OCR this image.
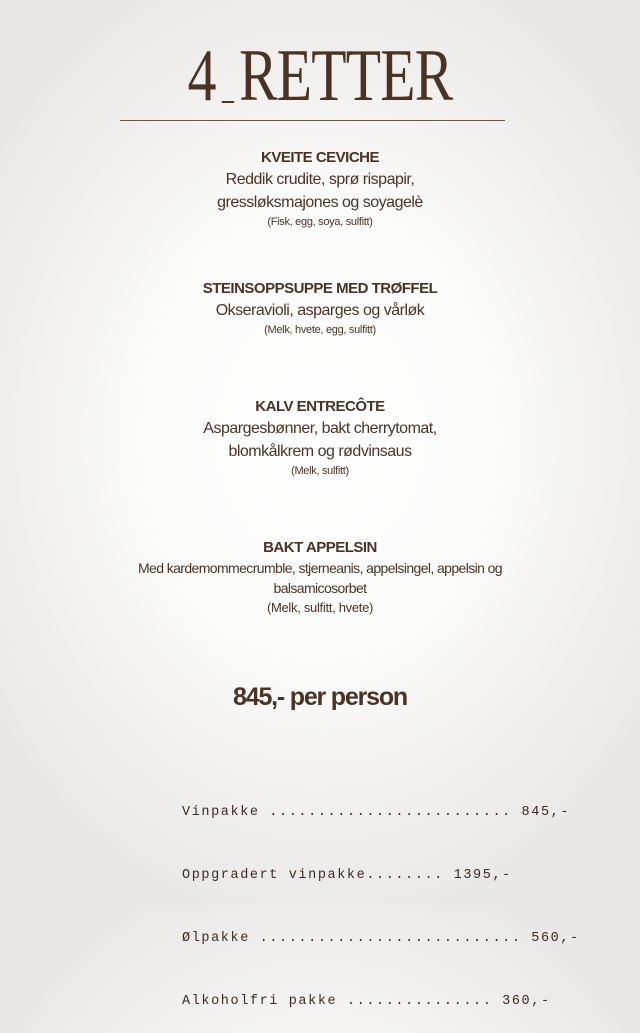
4 RETTER
KVEITE CEVICHE
Reddik crudite, sprø rispapir,
gressløksmajones og soyagelè
(Fisk, egg, soya, sulfitt)
STEINSOPPSUPPE MED TRØFFEL
Okseravioli, asparges og vårløk
(Melk, hvete, egg, sulfitt)
KALV ENTRECÔTE
Aspargesbønner, bakt cherrytomat,
blomkålkrem og rødvinsaus
(Melk, sulfitt)
BAKT APPELSIN
Med kardemommecrumble, stjerneanis, appelsingel, appelsin og
balsamicosorbet
(Melk, sulfitt, hvete)
845,- per person

Vinpakke ......................... 845,-

Oppgradert vinpakke........ 1395,-

Ølpakke ........................... 560,-

Alkoholfri pakke ............... 360,-
